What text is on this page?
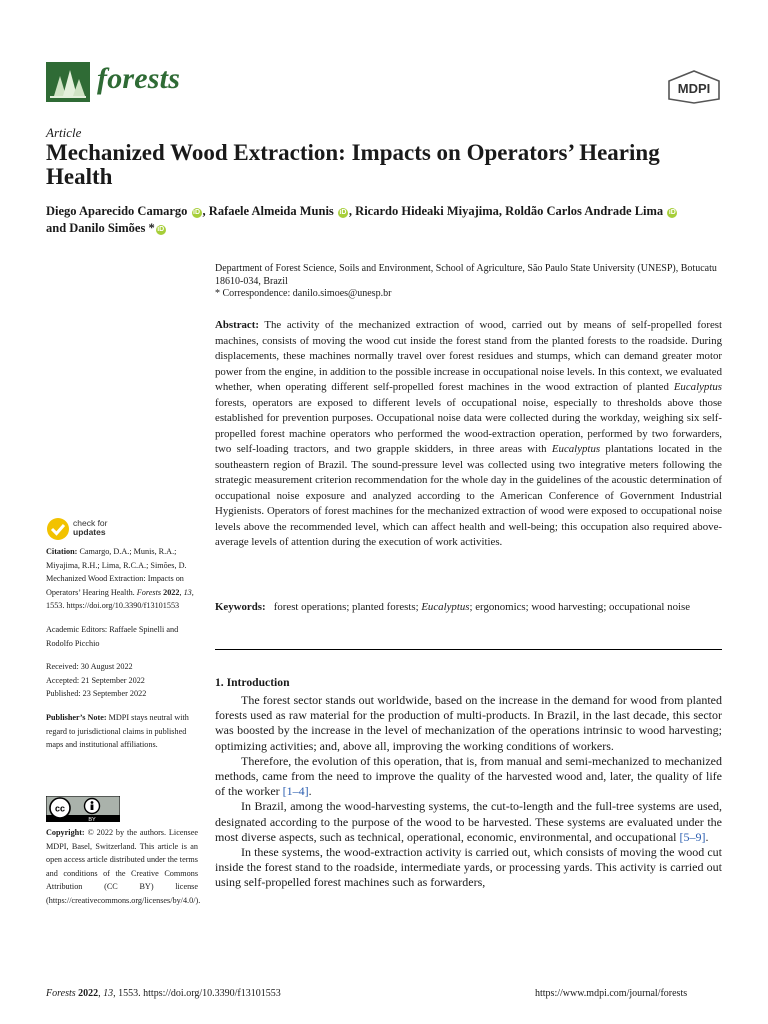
forests	MDPI
Article
Mechanized Wood Extraction: Impacts on Operators’ Hearing Health
Diego Aparecido Camargo iD , Rafaele Almeida Munis iD , Ricardo Hideaki Miyajima, Roldão Carlos Andrade Lima iD
and Danilo Simões * iD
Department of Forest Science, Soils and Environment, School of Agriculture, São Paulo State University (UNESP), Botucatu 18610-034, Brazil
* Correspondence: danilo.simoes@unesp.br
Abstract: The activity of the mechanized extraction of wood, carried out by means of self-propelled forest machines, consists of moving the wood cut inside the forest stand from the planted forests to the roadside. During displacements, these machines normally travel over forest residues and stumps, which can demand greater motor power from the engine, in addition to the possible increase in occupational noise levels. In this context, we evaluated whether, when operating different self-propelled forest machines in the wood extraction of planted Eucalyptus forests, operators are exposed to different levels of occupational noise, especially to thresholds above those established for prevention purposes. Occupational noise data were collected during the workday, weighing six self-propelled forest machine operators who performed the wood-extraction operation, performed by two forwarders, two self-loading tractors, and two grapple skidders, in three areas with Eucalyptus plantations located in the southeastern region of Brazil. The sound-pressure level was collected using two integrative meters following the strategic measurement criterion recommendation for the whole day in the guidelines of the acoustic determination of occupational noise exposure and analyzed according to the American Conference of Government Industrial Hygienists. Operators of forest machines for the mechanized extraction of wood were exposed to occupational noise levels above the recommended level, which can affect health and well-being; this occupation also required above-average levels of attention during the execution of work activities.
Keywords: forest operations; planted forests; Eucalyptus; ergonomics; wood harvesting; occupational noise
1. Introduction

The forest sector stands out worldwide, based on the increase in the demand for wood from planted forests used as raw material for the production of multi-products. In Brazil, in the last decade, this sector was boosted by the increase in the level of mechanization of the operations intrinsic to wood harvesting; optimizing activities; and, above all, improving the working conditions of workers.

Therefore, the evolution of this operation, that is, from manual and semi-mechanized to mechanized methods, came from the need to improve the quality of the harvested wood and, later, the quality of life of the worker [1–4].

In Brazil, among the wood-harvesting systems, the cut-to-length and the full-tree systems are used, designated according to the purpose of the wood to be harvested. These systems are evaluated under the most diverse aspects, such as technical, operational, economic, environmental, and occupational [5–9].

In these systems, the wood-extraction activity is carried out, which consists of moving the wood cut inside the forest stand to the roadside, intermediate yards, or processing yards. This activity is carried out using self-propelled forest machines such as forwarders,

check for
updates

Citation: Camargo, D.A.; Munis, R.A.; Miyajima, R.H.; Lima, R.C.A.; Simões, D. Mechanized Wood Extraction: Impacts on Operators’ Hearing Health. Forests 2022, 13, 1553. https://doi.org/10.3390/f13101553

Academic Editors: Raffaele Spinelli and Rodolfo Picchio

Received: 30 August 2022
Accepted: 21 September 2022
Published: 23 September 2022

Publisher’s Note: MDPI stays neutral with regard to jurisdictional claims in published maps and institutional affiliations.

cc
BY
Copyright: © 2022 by the authors. Licensee MDPI, Basel, Switzerland. This article is an open access article distributed under the terms and conditions of the Creative Commons Attribution (CC BY) license (https://creativecommons.org/licenses/by/4.0/).
Forests 2022, 13, 1553. https://doi.org/10.3390/f13101553	https://www.mdpi.com/journal/forests
